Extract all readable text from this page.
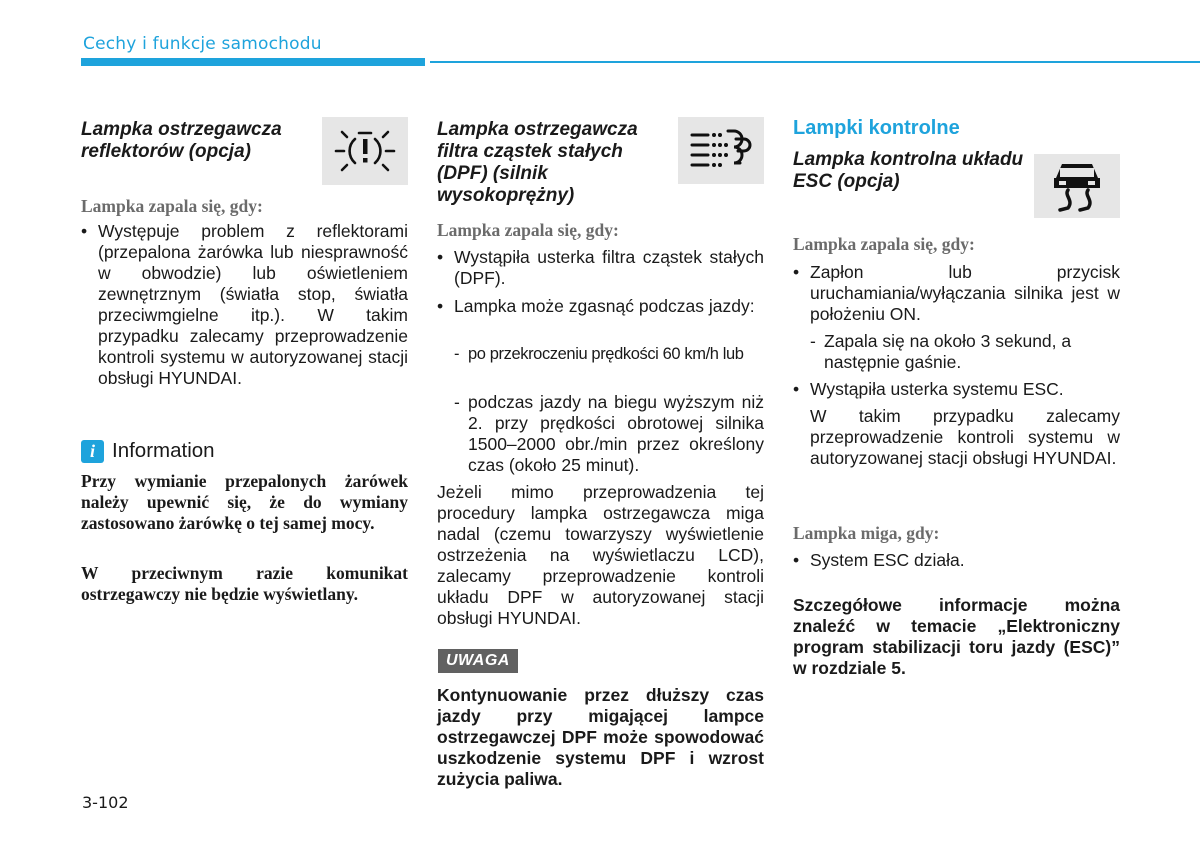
Cechy i funkcje samochodu

Lampka ostrzegawcza reflektorów (opcja)

Lampka zapala się, gdy:

• Występuje problem z reflektorami (przepalona żarówka lub niesprawność w obwodzie) lub oświetleniem zewnętrznym (światła stop, światła przeciwmgielne itp.). W takim przypadku zalecamy przeprowadzenie kontroli systemu w autoryzowanej stacji obsługi HYUNDAI.
i Information
Przy wymianie przepalonych żarówek należy upewnić się, że do wymiany zastosowano żarówkę o tej samej mocy.
W przeciwnym razie komunikat ostrzegawczy nie będzie wyświetlany.

Lampka ostrzegawcza filtra cząstek stałych (DPF) (silnik wysokoprężny)

Lampka zapala się, gdy:

• Wystąpiła usterka filtra cząstek stałych (DPF).
• Lampka może zgasnąć podczas jazdy:
- po przekroczeniu prędkości 60 km/h lub
- podczas jazdy na biegu wyższym niż 2. przy prędkości obrotowej silnika 1500–2000 obr./min przez określony czas (około 25 minut).
Jeżeli mimo przeprowadzenia tej procedury lampka ostrzegawcza miga nadal (czemu towarzyszy wyświetlenie ostrzeżenia na wyświetlaczu LCD), zalecamy przeprowadzenie kontroli układu DPF w autoryzowanej stacji obsługi HYUNDAI.
UWAGA
Kontynuowanie przez dłuższy czas jazdy przy migającej lampce ostrzegawczej DPF może spowodować uszkodzenie systemu DPF i wzrost zużycia paliwa.

Lampki kontrolne

Lampka kontrolna układu ESC (opcja)

Lampka zapala się, gdy:

• Zapłon lub przycisk uruchamiania/wyłączania silnika jest w położeniu ON.
- Zapala się na około 3 sekund, a następnie gaśnie.
• Wystąpiła usterka systemu ESC.
W takim przypadku zalecamy przeprowadzenie kontroli systemu w autoryzowanej stacji obsługi HYUNDAI.

Lampka miga, gdy:

• System ESC działa.
Szczegółowe informacje można znaleźć w temacie „Elektroniczny program stabilizacji toru jazdy (ESC)” w rozdziale 5.
3-102
